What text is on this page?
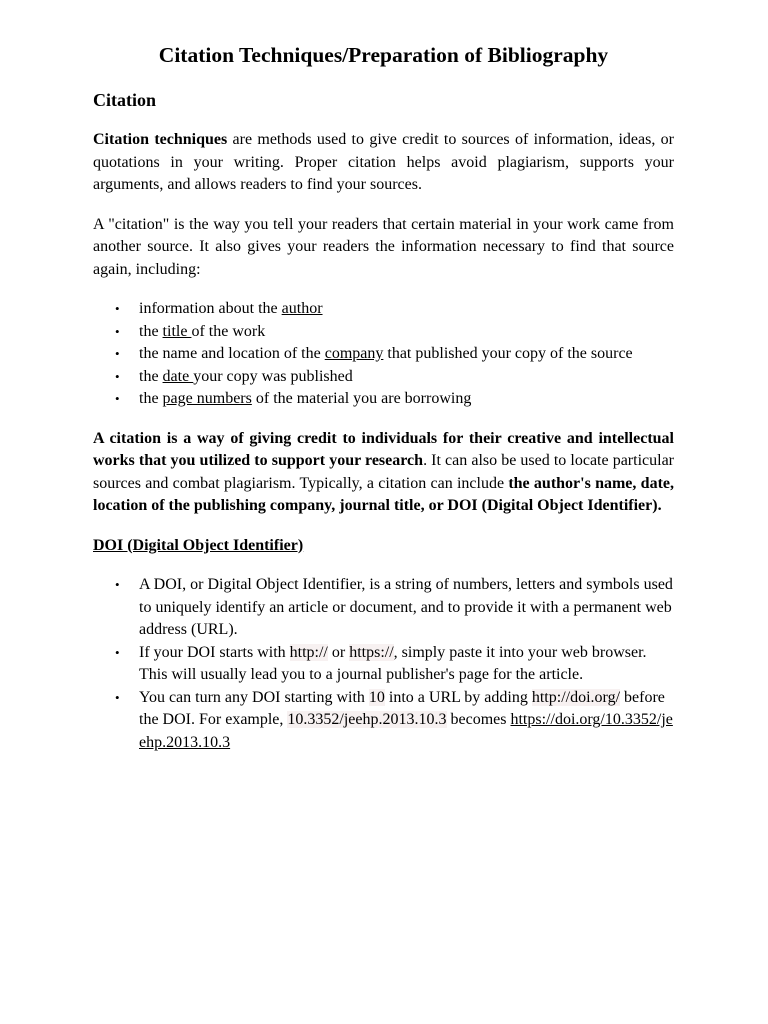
Citation Techniques/Preparation of Bibliography
Citation

Citation techniques are methods used to give credit to sources of information, ideas, or quotations in your writing. Proper citation helps avoid plagiarism, supports your arguments, and allows readers to find your sources.

A "citation" is the way you tell your readers that certain material in your work came from another source. It also gives your readers the information necessary to find that source again, including:

• information about the author
• the title of the work
• the name and location of the company that published your copy of the source
• the date your copy was published
• the page numbers of the material you are borrowing

A citation is a way of giving credit to individuals for their creative and intellectual works that you utilized to support your research. It can also be used to locate particular sources and combat plagiarism. Typically, a citation can include the author's name, date, location of the publishing company, journal title, or DOI (Digital Object Identifier).

DOI (Digital Object Identifier)
• A DOI, or Digital Object Identifier, is a string of numbers, letters and symbols used to uniquely identify an article or document, and to provide it with a permanent web address (URL).
• If your DOI starts with http:// or https://, simply paste it into your web browser. This will usually lead you to a journal publisher's page for the article.
• You can turn any DOI starting with 10 into a URL by adding http://doi.org/ before the DOI. For example, 10.3352/jeehp.2013.10.3 becomes https://doi.org/10.3352/jeehp.2013.10.3
